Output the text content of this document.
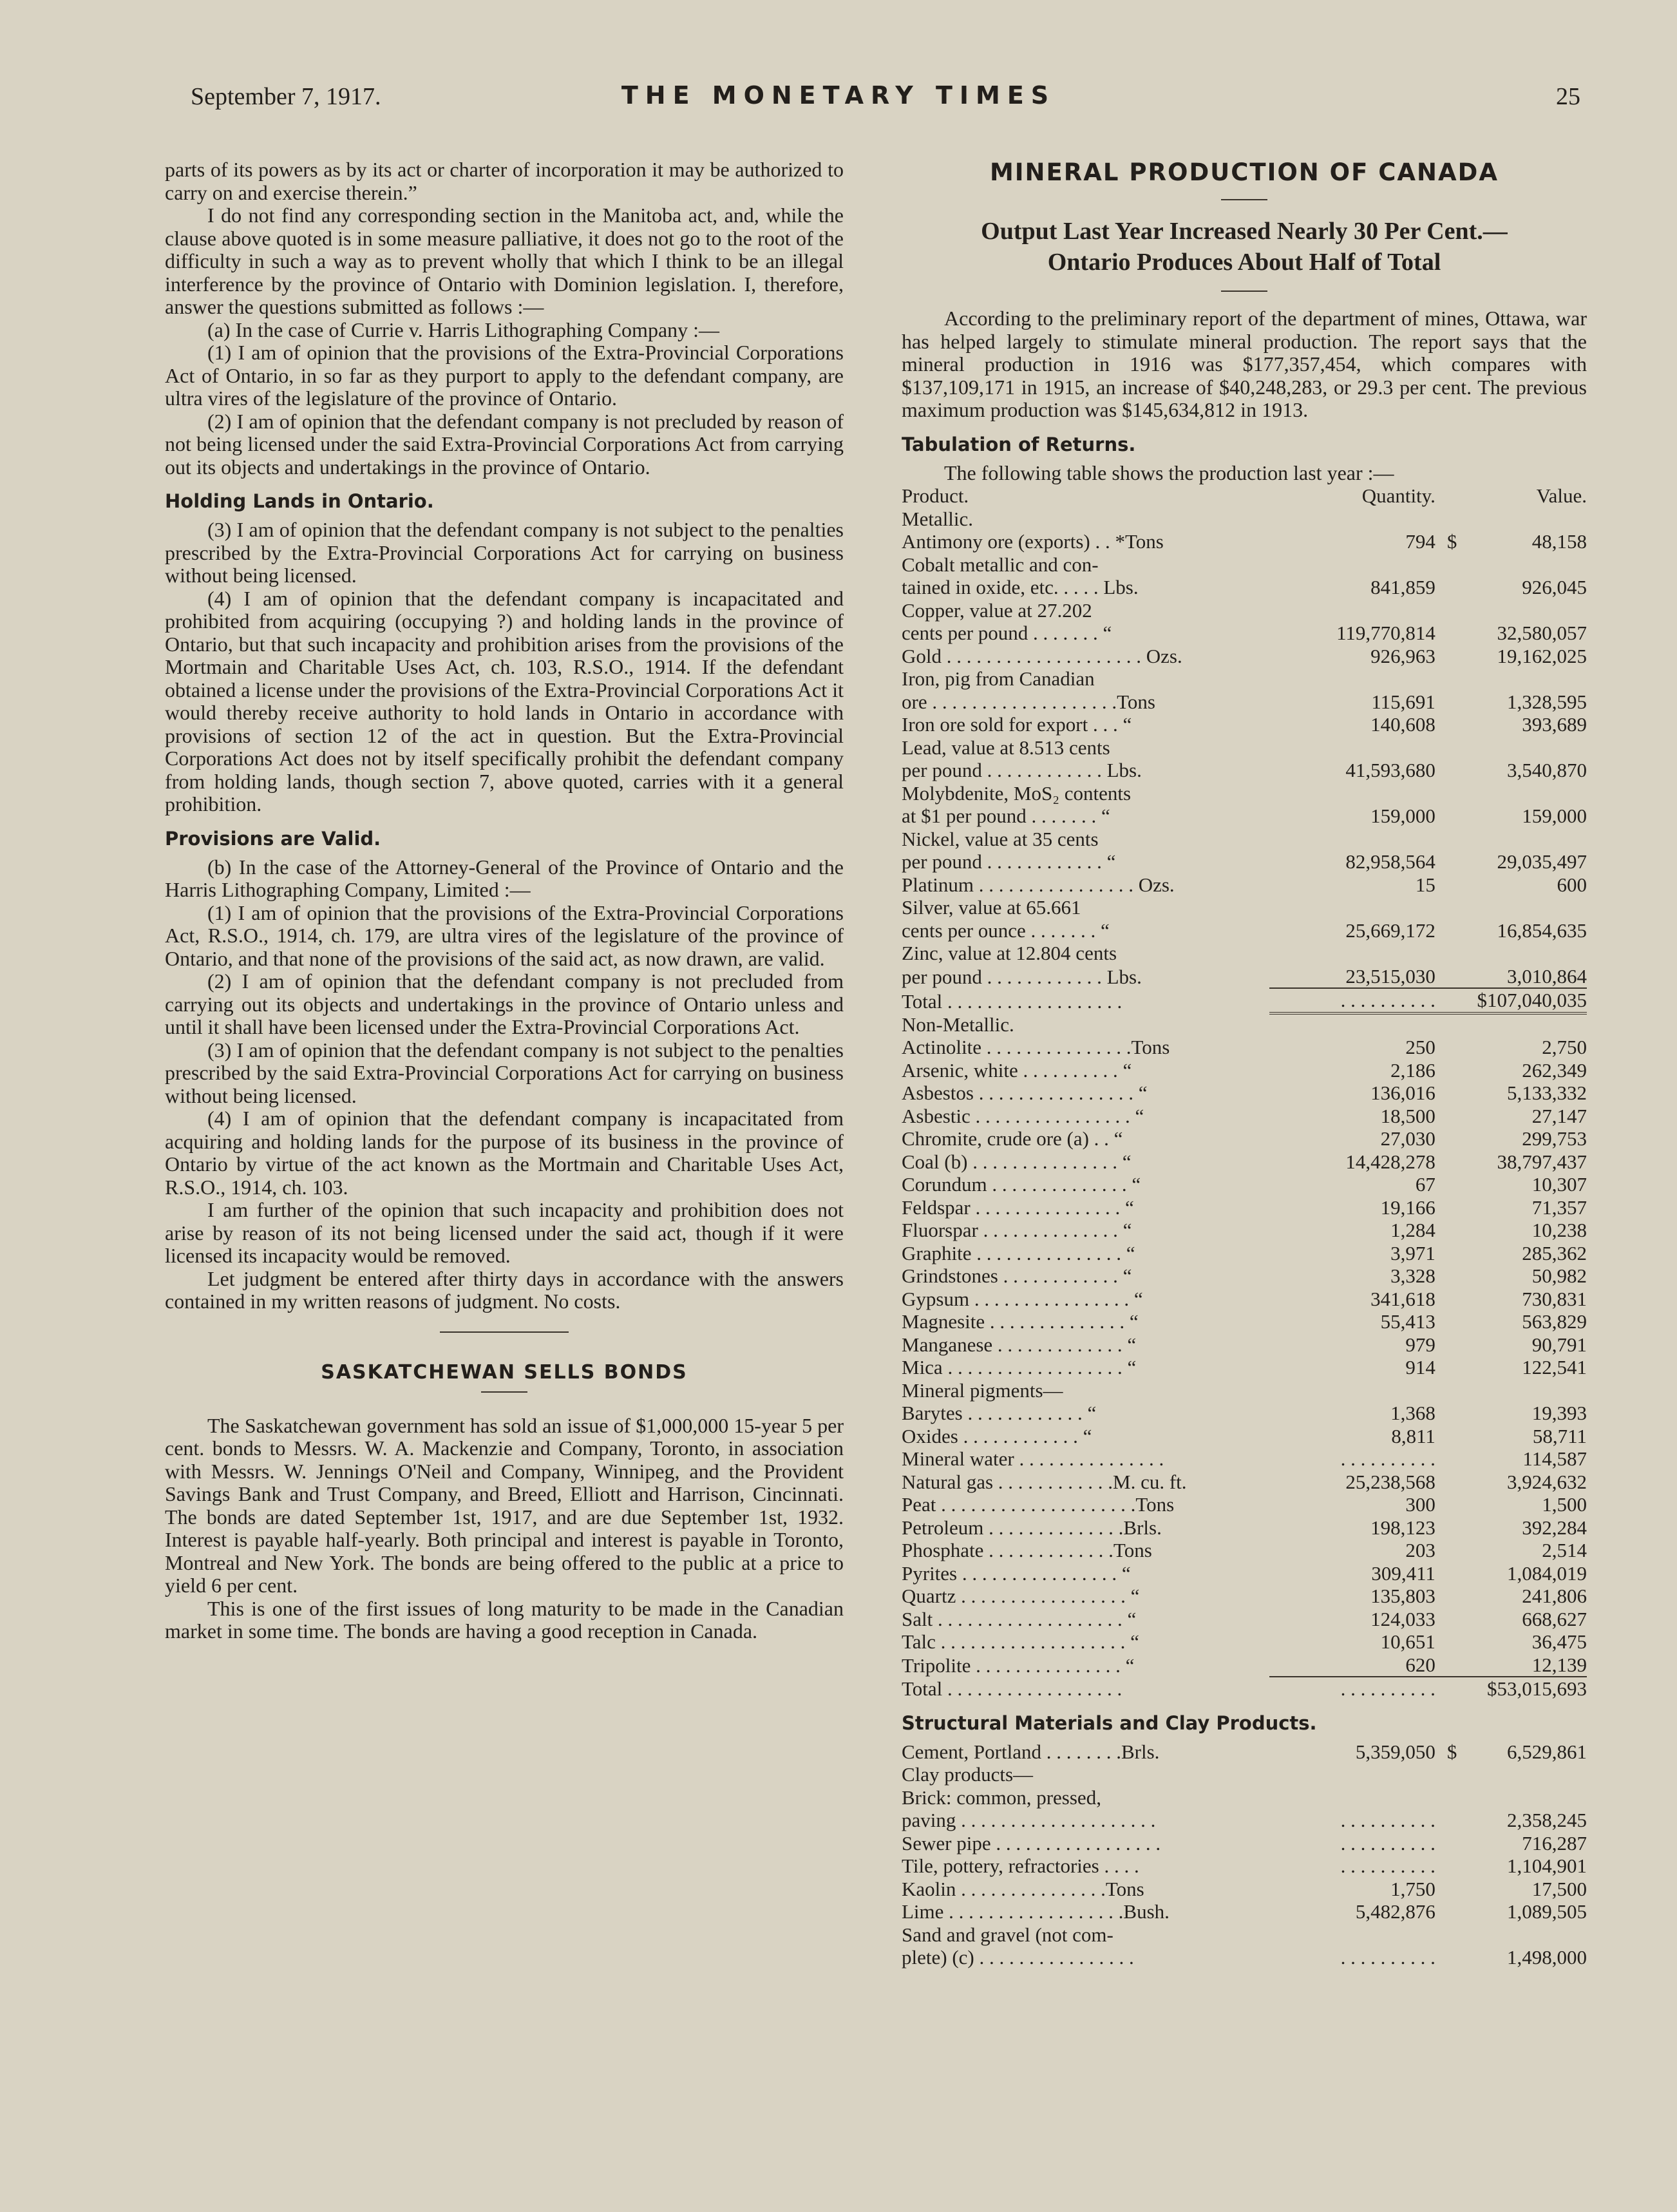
September 7, 1917.	THE MONETARY TIMES	25

parts of its powers as by its act or charter of incorporation it may be authorized to carry on and exercise therein.”

I do not find any corresponding section in the Manitoba act, and, while the clause above quoted is in some measure palliative, it does not go to the root of the difficulty in such a way as to prevent wholly that which I think to be an illegal interference by the province of Ontario with Dominion legislation. I, therefore, answer the questions submitted as follows :—

(a) In the case of Currie v. Harris Lithographing Company :—

(1) I am of opinion that the provisions of the Extra-Provincial Corporations Act of Ontario, in so far as they purport to apply to the defendant company, are ultra vires of the legislature of the province of Ontario.

(2) I am of opinion that the defendant company is not precluded by reason of not being licensed under the said Extra-Provincial Corporations Act from carrying out its objects and undertakings in the province of Ontario.

Holding Lands in Ontario.

(3) I am of opinion that the defendant company is not subject to the penalties prescribed by the Extra-Provincial Corporations Act for carrying on business without being licensed.

(4) I am of opinion that the defendant company is incapacitated and prohibited from acquiring (occupying ?) and holding lands in the province of Ontario, but that such incapacity and prohibition arises from the provisions of the Mortmain and Charitable Uses Act, ch. 103, R.S.O., 1914. If the defendant obtained a license under the provisions of the Extra-Provincial Corporations Act it would thereby receive authority to hold lands in Ontario in accordance with provisions of section 12 of the act in question. But the Extra-Provincial Corporations Act does not by itself specifically prohibit the defendant company from holding lands, though section 7, above quoted, carries with it a general prohibition.

Provisions are Valid.

(b) In the case of the Attorney-General of the Province of Ontario and the Harris Lithographing Company, Limited :—

(1) I am of opinion that the provisions of the Extra-Provincial Corporations Act, R.S.O., 1914, ch. 179, are ultra vires of the legislature of the province of Ontario, and that none of the provisions of the said act, as now drawn, are valid.

(2) I am of opinion that the defendant company is not precluded from carrying out its objects and undertakings in the province of Ontario unless and until it shall have been licensed under the Extra-Provincial Corporations Act.

(3) I am of opinion that the defendant company is not subject to the penalties prescribed by the said Extra-Provincial Corporations Act for carrying on business without being licensed.

(4) I am of opinion that the defendant company is incapacitated from acquiring and holding lands for the purpose of its business in the province of Ontario by virtue of the act known as the Mortmain and Charitable Uses Act, R.S.O., 1914, ch. 103.

I am further of the opinion that such incapacity and prohibition does not arise by reason of its not being licensed under the said act, though if it were licensed its incapacity would be removed.

Let judgment be entered after thirty days in accordance with the answers contained in my written reasons of judgment. No costs.

SASKATCHEWAN SELLS BONDS

The Saskatchewan government has sold an issue of $1,000,000 15-year 5 per cent. bonds to Messrs. W. A. Mackenzie and Company, Toronto, in association with Messrs. W. Jennings O'Neil and Company, Winnipeg, and the Provident Savings Bank and Trust Company, and Breed, Elliott and Harrison, Cincinnati. The bonds are dated September 1st, 1917, and are due September 1st, 1932. Interest is payable half-yearly. Both principal and interest is payable in Toronto, Montreal and New York. The bonds are being offered to the public at a price to yield 6 per cent.

This is one of the first issues of long maturity to be made in the Canadian market in some time. The bonds are having a good reception in Canada.

MINERAL PRODUCTION OF CANADA
Output Last Year Increased Nearly 30 Per Cent.—
Ontario Produces About Half of Total

According to the preliminary report of the department of mines, Ottawa, war has helped largely to stimulate mineral production. The report says that the mineral production in 1916 was $177,357,454, which compares with $137,109,171 in 1915, an increase of $40,248,283, or 29.3 per cent. The previous maximum production was $145,634,812 in 1913.

Tabulation of Returns.

The following table shows the production last year :—

Product.	Quantity.	Value.
Metallic.		
Antimony ore (exports) . . *Tons	794	$ 48,158
Cobalt metallic and con-		
tained in oxide, etc. . . . . Lbs.	841,859	926,045
Copper, value at 27.202		
cents per pound . . . . . . . “	119,770,814	32,580,057
Gold . . . . . . . . . . . . . . . . . . . . Ozs.	926,963	19,162,025
Iron, pig from Canadian		
ore . . . . . . . . . . . . . . . . . . .Tons	115,691	1,328,595
Iron ore sold for export . . . “	140,608	393,689
Lead, value at 8.513 cents		
per pound . . . . . . . . . . . . Lbs.	41,593,680	3,540,870
Molybdenite, MoS₂ contents		
at $1 per pound . . . . . . . “	159,000	159,000
Nickel, value at 35 cents		
per pound . . . . . . . . . . . . “	82,958,564	29,035,497
Platinum . . . . . . . . . . . . . . . . Ozs.	15	600
Silver, value at 65.661		
cents per ounce . . . . . . . “	25,669,172	16,854,635
Zinc, value at 12.804 cents		
per pound . . . . . . . . . . . . Lbs.	23,515,030	3,010,864
Total . . . . . . . . . . . . . . . . . .	. . . . . . . . . .	$107,040,035
Non-Metallic.		
Actinolite . . . . . . . . . . . . . . .Tons	250	2,750
Arsenic, white . . . . . . . . . . “	2,186	262,349
Asbestos . . . . . . . . . . . . . . . . “	136,016	5,133,332
Asbestic . . . . . . . . . . . . . . . . “	18,500	27,147
Chromite, crude ore (a) . . “	27,030	299,753
Coal (b) . . . . . . . . . . . . . . . “	14,428,278	38,797,437
Corundum . . . . . . . . . . . . . . “	67	10,307
Feldspar . . . . . . . . . . . . . . . “	19,166	71,357
Fluorspar . . . . . . . . . . . . . . “	1,284	10,238
Graphite . . . . . . . . . . . . . . . “	3,971	285,362
Grindstones . . . . . . . . . . . . “	3,328	50,982
Gypsum . . . . . . . . . . . . . . . . “	341,618	730,831
Magnesite . . . . . . . . . . . . . . “	55,413	563,829
Manganese . . . . . . . . . . . . . “	979	90,791
Mica . . . . . . . . . . . . . . . . . . “	914	122,541
Mineral pigments—		
Barytes . . . . . . . . . . . . “	1,368	19,393
Oxides . . . . . . . . . . . . “	8,811	58,711
Mineral water . . . . . . . . . . . . . . .	. . . . . . . . . .	114,587
Natural gas . . . . . . . . . . . .M. cu. ft.	25,238,568	3,924,632
Peat . . . . . . . . . . . . . . . . . . . .Tons	300	1,500
Petroleum . . . . . . . . . . . . . .Brls.	198,123	392,284
Phosphate . . . . . . . . . . . . .Tons	203	2,514
Pyrites . . . . . . . . . . . . . . . . “	309,411	1,084,019
Quartz . . . . . . . . . . . . . . . . . “	135,803	241,806
Salt . . . . . . . . . . . . . . . . . . . “	124,033	668,627
Talc . . . . . . . . . . . . . . . . . . . “	10,651	36,475
Tripolite . . . . . . . . . . . . . . . “	620	12,139
Total . . . . . . . . . . . . . . . . . .	. . . . . . . . . .	$53,015,693
Structural Materials and Clay Products.
Cement, Portland . . . . . . . .Brls.	5,359,050	$ 6,529,861
Clay products—		
Brick: common, pressed,		
paving . . . . . . . . . . . . . . . . . . . .	. . . . . . . . . .	2,358,245
Sewer pipe . . . . . . . . . . . . . . . . .	. . . . . . . . . .	716,287
Tile, pottery, refractories . . . .	. . . . . . . . . .	1,104,901
Kaolin . . . . . . . . . . . . . . .Tons	1,750	17,500
Lime . . . . . . . . . . . . . . . . . .Bush.	5,482,876	1,089,505
Sand and gravel (not com-		
plete) (c) . . . . . . . . . . . . . . . .	. . . . . . . . . .	1,498,000
